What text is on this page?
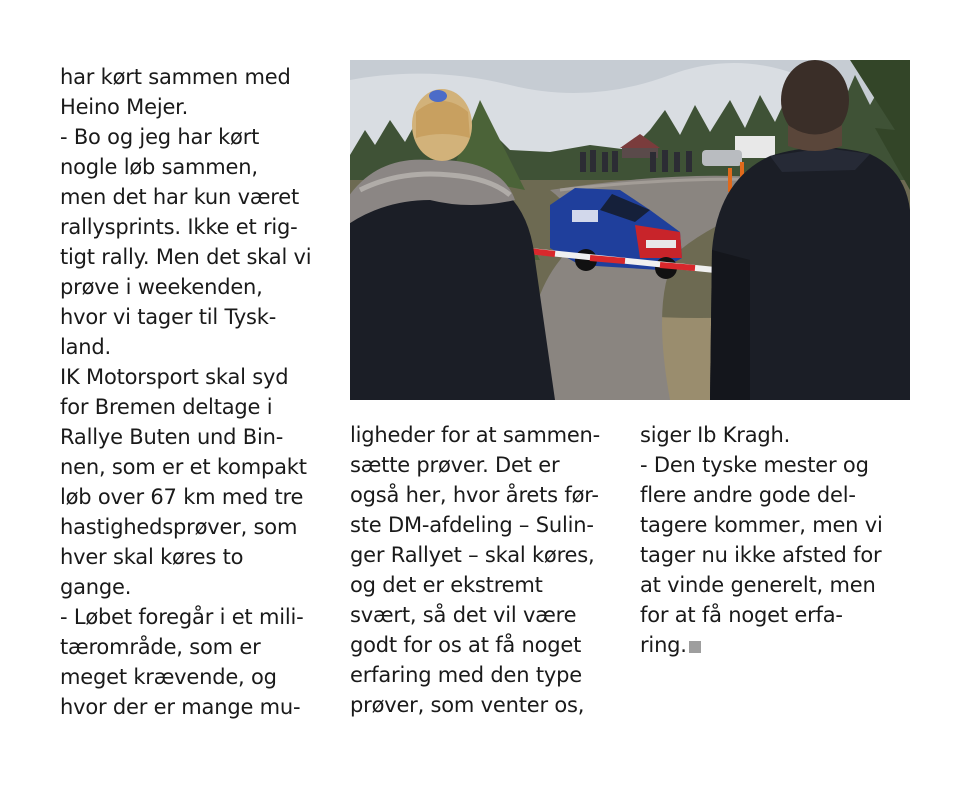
har kørt sammen med
Heino Mejer.
- Bo og jeg har kørt
nogle løb sammen,
men det har kun været
rallysprints. Ikke et rig-
tigt rally. Men det skal vi
prøve i weekenden,
hvor vi tager til Tysk-
land.
IK Motorsport skal syd
for Bremen deltage i
Rallye Buten und Bin-
nen, som er et kompakt
løb over 67 km med tre
hastighedsprøver, som
hver skal køres to
gange.
- Løbet foregår i et mili-
tærområde, som er
meget krævende, og
hvor der er mange mu-
ligheder for at sammen-
sætte prøver. Det er
også her, hvor årets før-
ste DM-afdeling – Sulin-
ger Rallyet – skal køres,
og det er ekstremt
svært, så det vil være
godt for os at få noget
erfaring med den type
prøver, som venter os,
siger Ib Kragh.
- Den tyske mester og
flere andre gode del-
tagere kommer, men vi
tager nu ikke afsted for
at vinde generelt, men
for at få noget erfa-
ring.
